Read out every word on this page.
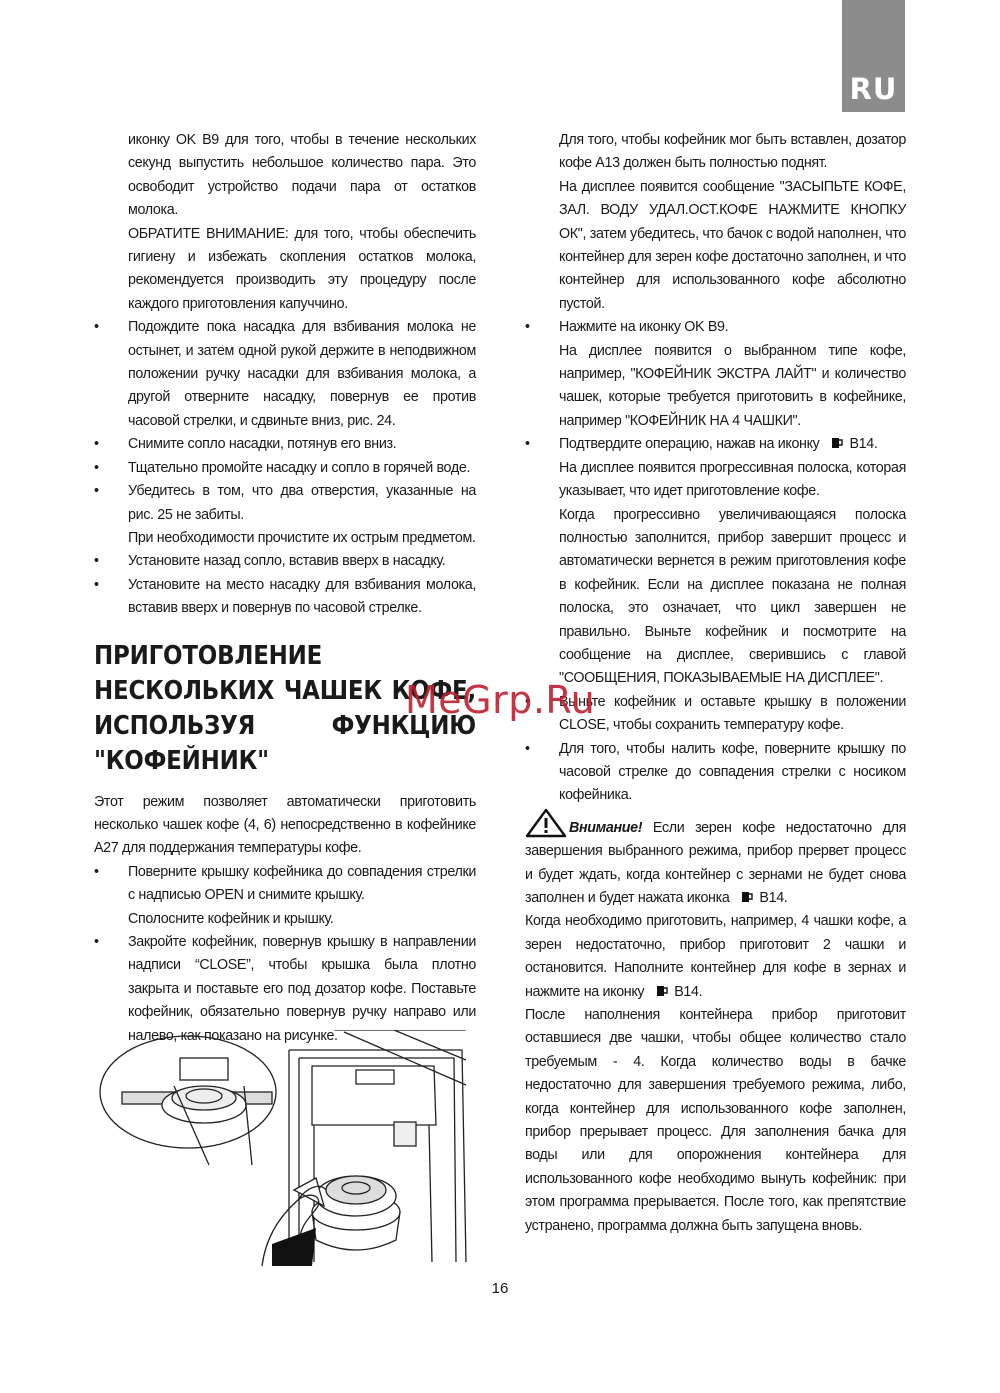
RU

иконку OK B9 для того, чтобы в течение нескольких секунд выпустить небольшое количество пара. Это освободит устройство подачи пара от остатков молока.

ОБРАТИТЕ ВНИМАНИЕ: для того, чтобы обеспечить гигиену и избежать скопления остатков молока, рекомендуется производить эту процедуру после каждого приготовления капуччино.

• Подождите пока насадка для взбивания молока не остынет, и затем одной рукой держите в неподвижном положении ручку насадки для взбивания молока, а другой отверните насадку, повернув ее против часовой стрелки, и сдвиньте вниз, рис. 24.

• Снимите сопло насадки, потянув его вниз.

• Тщательно промойте насадку и сопло в горячей воде.

• Убедитесь в том, что два отверстия, указанные на рис. 25 не забиты.

При необходимости прочистите их острым предметом.

• Установите назад сопло, вставив вверх в насадку.

• Установите на место насадку для взбивания молока, вставив вверх и повернув по часовой стрелке.

ПРИГОТОВЛЕНИЕ НЕСКОЛЬКИХ ЧАШЕК КОФЕ, ИСПОЛЬЗУЯ ФУНКЦИЮ "КОФЕЙНИК"

Этот режим позволяет автоматически приготовить несколько чашек кофе (4, 6) непосредственно в кофейнике A27 для поддержания температуры кофе.

• Поверните крышку кофейника до совпадения стрелки с надписью OPEN и снимите крышку.

Сполосните кофейник и крышку.

• Закройте кофейник, повернув крышку в направлении надписи “CLOSE”, чтобы крышка была плотно закрыта и поставьте его под дозатор кофе. Поставьте кофейник, обязательно повернув ручку направо или налево, как показано на рисунке.

Для того, чтобы кофейник мог быть вставлен, дозатор кофе A13 должен быть полностью поднят.

На дисплее появится сообщение "ЗАСЫПЬТЕ КОФЕ, ЗАЛ. ВОДУ УДАЛ.ОСТ.КОФЕ НАЖМИТЕ КНОПКУ ОК", затем убедитесь, что бачок с водой наполнен, что контейнер для зерен кофе достаточно заполнен, и что контейнер для использованного кофе абсолютно пустой.

• Нажмите на иконку OK B9.

На дисплее появится о выбранном типе кофе, например, "КОФЕЙНИК ЭКСТРА ЛАЙТ" и количество чашек, которые требуется приготовить в кофейнике, например "КОФЕЙНИК НА 4 ЧАШКИ".

• Подтвердите операцию, нажав на иконку B14.

На дисплее появится прогрессивная полоска, которая указывает, что идет приготовление кофе.

Когда прогрессивно увеличивающаяся полоска полностью заполнится, прибор завершит процесс и автоматически вернется в режим приготовления кофе в кофейник. Если на дисплее показана не полная полоска, это означает, что цикл завершен не правильно. Выньте кофейник и посмотрите на сообщение на дисплее, сверившись с главой "СООБЩЕНИЯ, ПОКАЗЫВАЕМЫЕ НА ДИСПЛЕЕ".

• Выньте кофейник и оставьте крышку в положении CLOSE, чтобы сохранить температуру кофе.

• Для того, чтобы налить кофе, поверните крышку по часовой стрелке до совпадения стрелки с носиком кофейника.

Внимание! Если зерен кофе недостаточно для завершения выбранного режима, прибор прервет процесс и будет ждать, когда контейнер с зернами не будет снова заполнен и будет нажата иконка B14.

Когда необходимо приготовить, например, 4 чашки кофе, а зерен недостаточно, прибор приготовит 2 чашки и остановится. Наполните контейнер для кофе в зернах и нажмите на иконку B14.

После наполнения контейнера прибор приготовит оставшиеся две чашки, чтобы общее количество стало требуемым - 4. Когда количество воды в бачке недостаточно для завершения требуемого режима, либо, когда контейнер для использованного кофе заполнен, прибор прерывает процесс. Для заполнения бачка для воды или для опорожнения контейнера для использованного кофе необходимо вынуть кофейник: при этом программа прерывается. После того, как препятствие устранено, программа должна быть запущена вновь.

MeGrp.Ru
16
